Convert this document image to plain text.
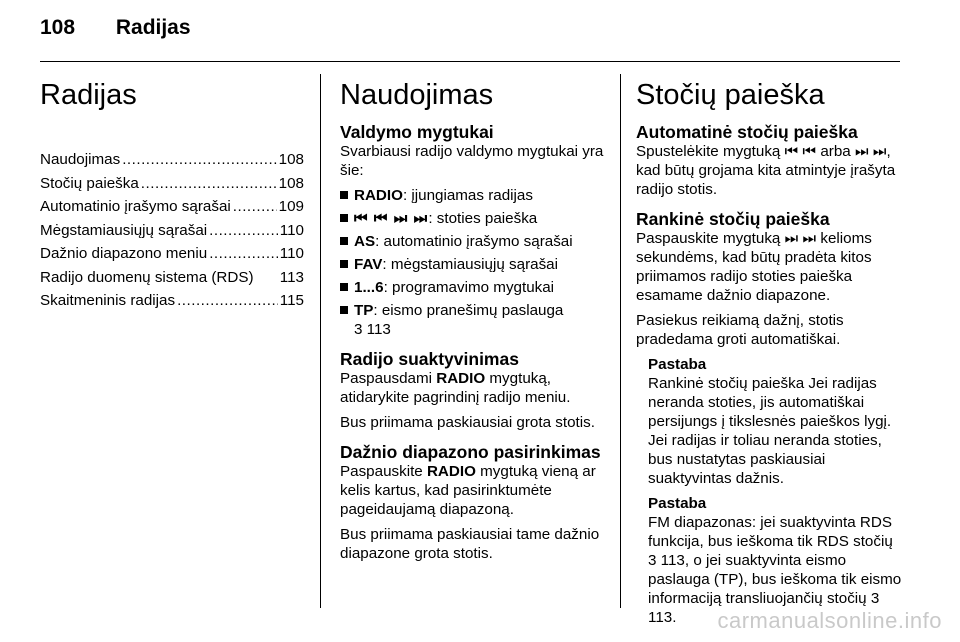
108 Radijas
Radijas
Naudojimas .....	108
Stočių paieška .....	108
Automatinio įrašymo sąrašai .....	109
Mėgstamiausiųjų sąrašai .....	110
Dažnio diapazono meniu .....	110
Radijo duomenų sistema (RDS) 113
Skaitmeninis radijas .....	115
Naudojimas
Valdymo mygtukai

Svarbiausi radijo valdymo mygtukai yra šie:

RADIO: įjungiamas radijas
⏮ ⏮ ⏭ ⏭: stoties paieška
AS: automatinio įrašymo sąrašai
FAV: mėgstamiausiųjų sąrašai
1...6: programavimo mygtukai
TP: eismo pranešimų paslauga
3 113
Radijo suaktyvinimas

Paspausdami RADIO mygtuką, atidarykite pagrindinį radijo meniu.

Bus priimama paskiausiai grota stotis.

Dažnio diapazono pasirinkimas

Paspauskite RADIO mygtuką vieną ar kelis kartus, kad pasirinktumėte pageidaujamą diapazoną.

Bus priimama paskiausiai tame dažnio diapazone grota stotis.

Stočių paieška
Automatinė stočių paieška

Spustelėkite mygtuką ⏮ ⏮ arba ⏭ ⏭, kad būtų grojama kita atmintyje įrašyta radijo stotis.

Rankinė stočių paieška

Paspauskite mygtuką ⏭ ⏭ kelioms sekundėms, kad būtų pradėta kitos priimamos radijo stoties paieška esamame dažnio diapazone.

Pasiekus reikiamą dažnį, stotis pradedama groti automatiškai.

Pastaba

Rankinė stočių paieška Jei radijas neranda stoties, jis automatiškai persijungs į tikslesnės paieškos lygį. Jei radijas ir toliau neranda stoties, bus nustatytas paskiausiai suaktyvintas dažnis.

Pastaba

FM diapazonas: jei suaktyvinta RDS funkcija, bus ieškoma tik RDS stočių 3 113, o jei suaktyvinta eismo paslauga (TP), bus ieškoma tik eismo informaciją transliuojančių stočių 3 113.	carmanualsonline.info
